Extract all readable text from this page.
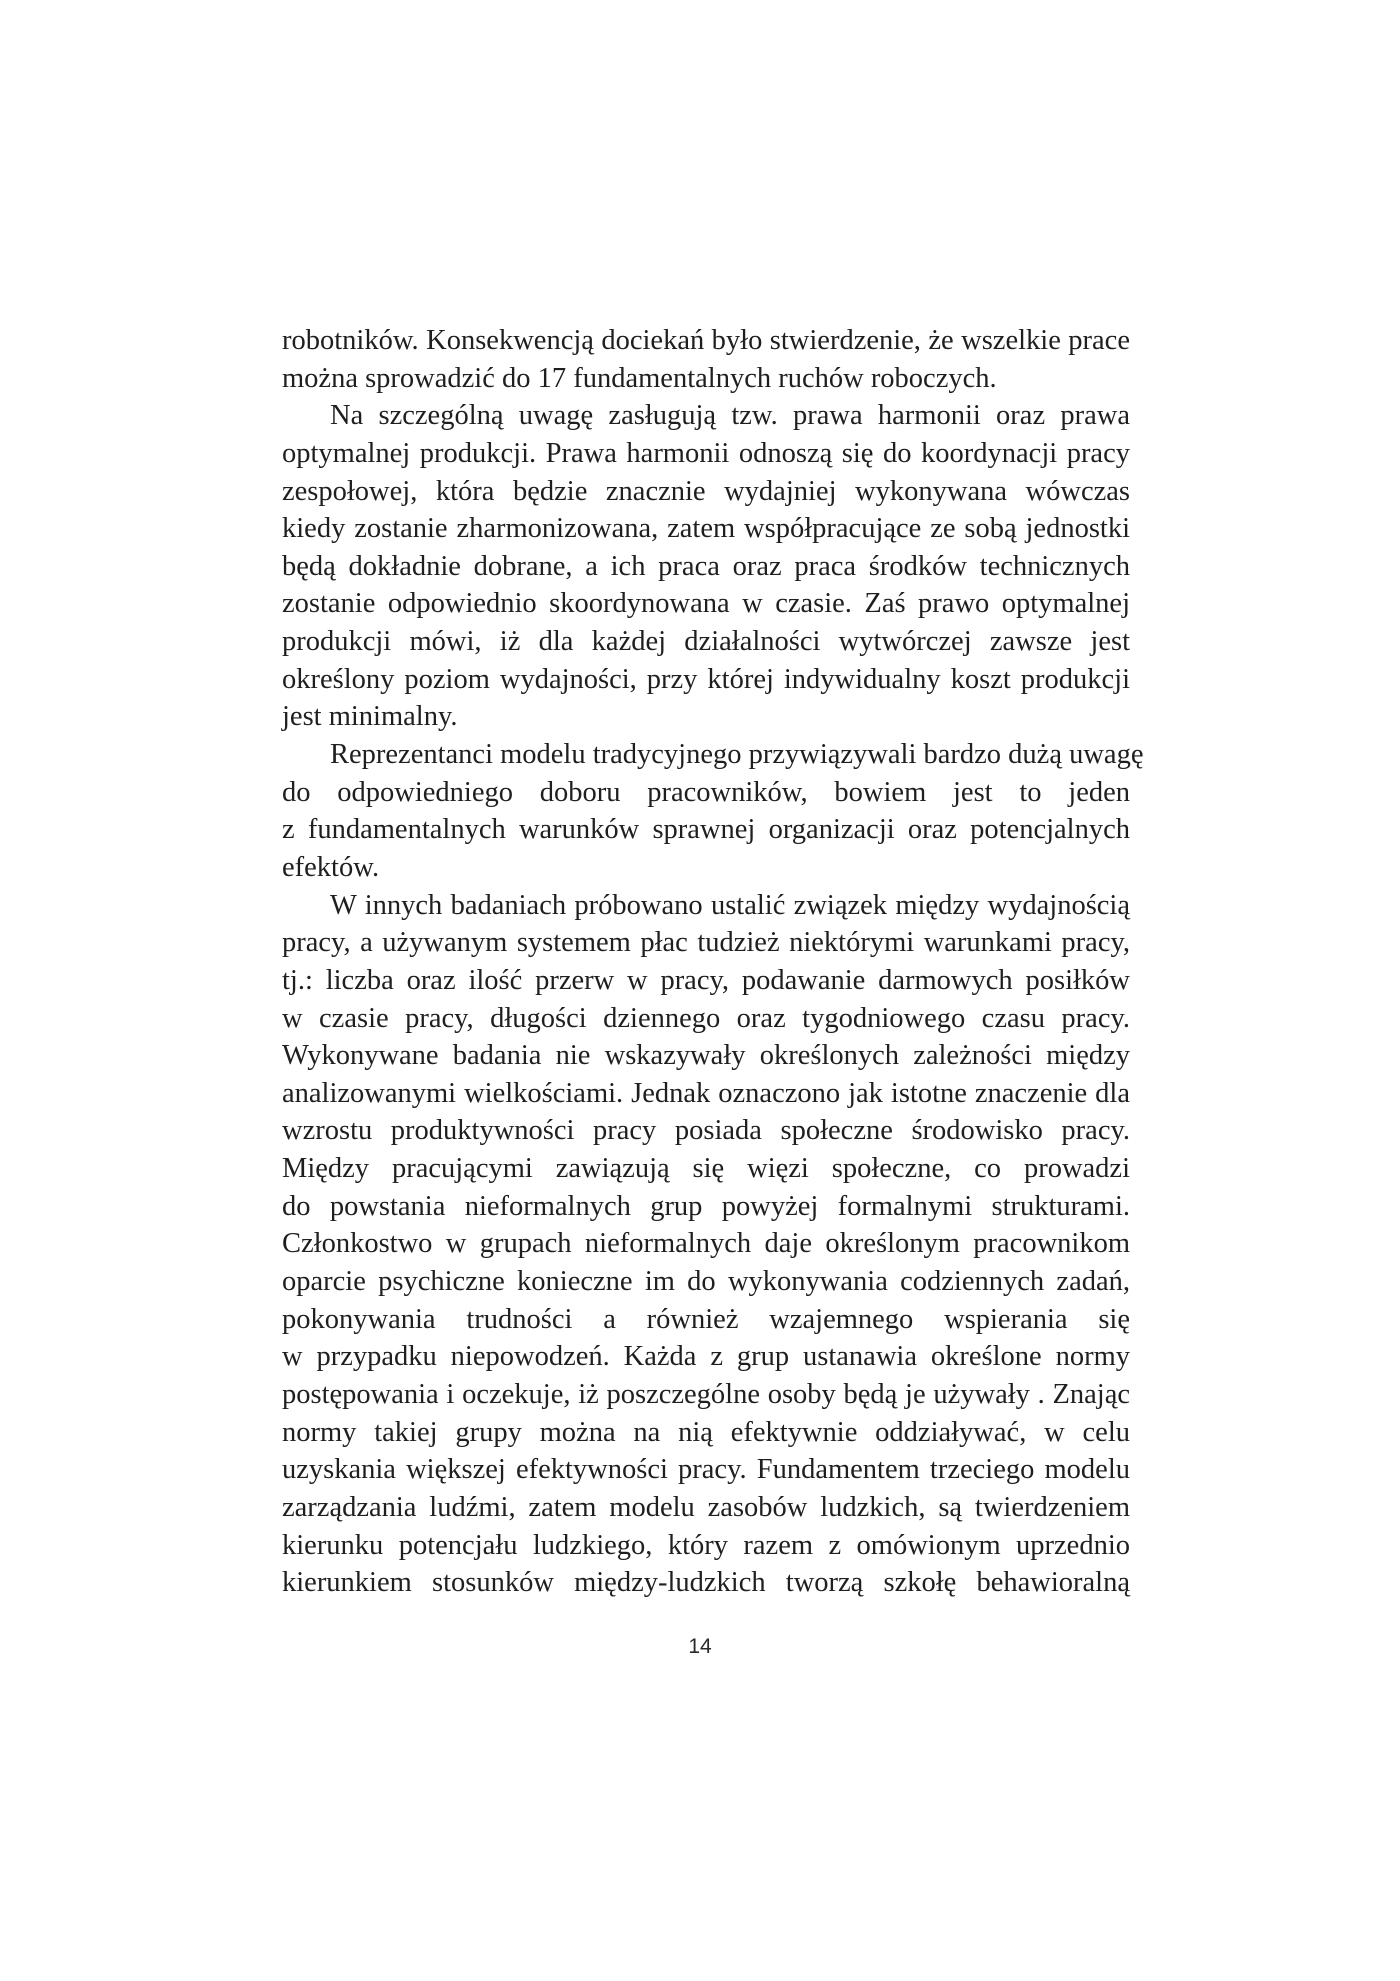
robotników. Konsekwencją dociekań było stwierdzenie, że wszelkie prace
można sprowadzić do 17 fundamentalnych ruchów roboczych.
Na szczególną uwagę zasługują tzw. prawa harmonii oraz prawa
optymalnej produkcji. Prawa harmonii odnoszą się do koordynacji pracy
zespołowej, która będzie znacznie wydajniej wykonywana wówczas
kiedy zostanie zharmonizowana, zatem współpracujące ze sobą jednostki
będą dokładnie dobrane, a ich praca oraz praca środków technicznych
zostanie odpowiednio skoordynowana w czasie. Zaś prawo optymalnej
produkcji mówi, iż dla każdej działalności wytwórczej zawsze jest
określony poziom wydajności, przy której indywidualny koszt produkcji
jest minimalny.
Reprezentanci modelu tradycyjnego przywiązywali bardzo dużą uwagę
do odpowiedniego doboru pracowników, bowiem jest to jeden
z fundamentalnych warunków sprawnej organizacji oraz potencjalnych
efektów.
W innych badaniach próbowano ustalić związek między wydajnością
pracy, a używanym systemem płac tudzież niektórymi warunkami pracy,
tj.: liczba oraz ilość przerw w pracy, podawanie darmowych posiłków
w czasie pracy, długości dziennego oraz tygodniowego czasu pracy.
Wykonywane badania nie wskazywały określonych zależności między
analizowanymi wielkościami. Jednak oznaczono jak istotne znaczenie dla
wzrostu produktywności pracy posiada społeczne środowisko pracy.
Między pracującymi zawiązują się więzi społeczne, co prowadzi
do powstania nieformalnych grup powyżej formalnymi strukturami.
Członkostwo w grupach nieformalnych daje określonym pracownikom
oparcie psychiczne konieczne im do wykonywania codziennych zadań,
pokonywania trudności a również wzajemnego wspierania się
w przypadku niepowodzeń. Każda z grup ustanawia określone normy
postępowania i oczekuje, iż poszczególne osoby będą je używały . Znając
normy takiej grupy można na nią efektywnie oddziaływać, w celu
uzyskania większej efektywności pracy. Fundamentem trzeciego modelu
zarządzania ludźmi, zatem modelu zasobów ludzkich, są twierdzeniem
kierunku potencjału ludzkiego, który razem z omówionym uprzednio
kierunkiem stosunków między-ludzkich tworzą szkołę behawioralną
14
